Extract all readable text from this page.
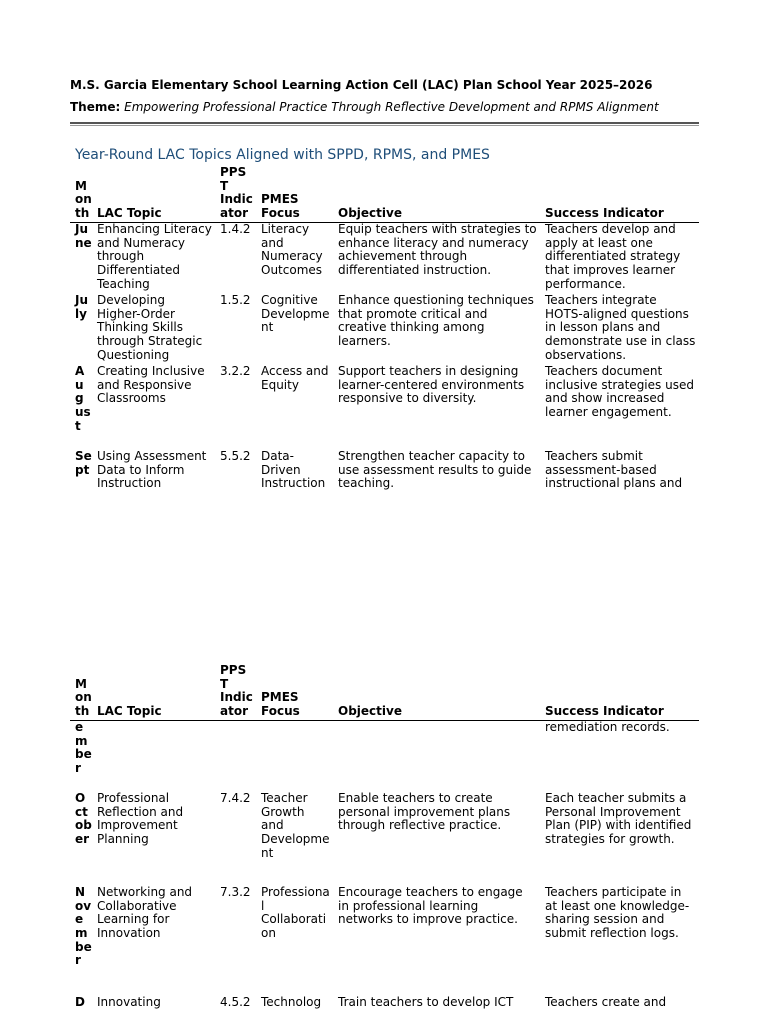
M.S. Garcia Elementary School Learning Action Cell (LAC) Plan School Year 2025–2026
Theme: Empowering Professional Practice Through Reflective Development and RPMS Alignment
Year-Round LAC Topics Aligned with SPPD, RPMS, and PMES
Month	LAC Topic	PPST Indicator	PMES Focus	Objective	Success Indicator
June	Enhancing Literacy and Numeracy through Differentiated Teaching	1.4.2	Literacy and Numeracy Outcomes	Equip teachers with strategies to enhance literacy and numeracy achievement through differentiated instruction.	Teachers develop and apply at least one differentiated strategy that improves learner performance.
July	Developing Higher-Order Thinking Skills through Strategic Questioning	1.5.2	Cognitive Development	Enhance questioning techniques that promote critical and creative thinking among learners.	Teachers integrate HOTS-aligned questions in lesson plans and demonstrate use in class observations.
August	Creating Inclusive and Responsive Classrooms	3.2.2	Access and Equity	Support teachers in designing learner-centered environments responsive to diversity.	Teachers document inclusive strategies used and show increased learner engagement.
Sept	Using Assessment Data to Inform Instruction	5.5.2	Data-Driven Instruction	Strengthen teacher capacity to use assessment results to guide teaching.	Teachers submit assessment-based instructional plans and
Month	LAC Topic	PPST Indicator	PMES Focus	Objective	Success Indicator
ember					remediation records.
October	Professional Reflection and Improvement Planning	7.4.2	Teacher Growth and Development	Enable teachers to create personal improvement plans through reflective practice.	Each teacher submits a Personal Improvement Plan (PIP) with identified strategies for growth.
November	Networking and Collaborative Learning for Innovation	7.3.2	Professional Collaboration	Encourage teachers to engage in professional learning networks to improve practice.	Teachers participate in at least one knowledge-sharing session and submit reflection logs.
D	Innovating	4.5.2	Technolog	Train teachers to develop ICT	Teachers create and
